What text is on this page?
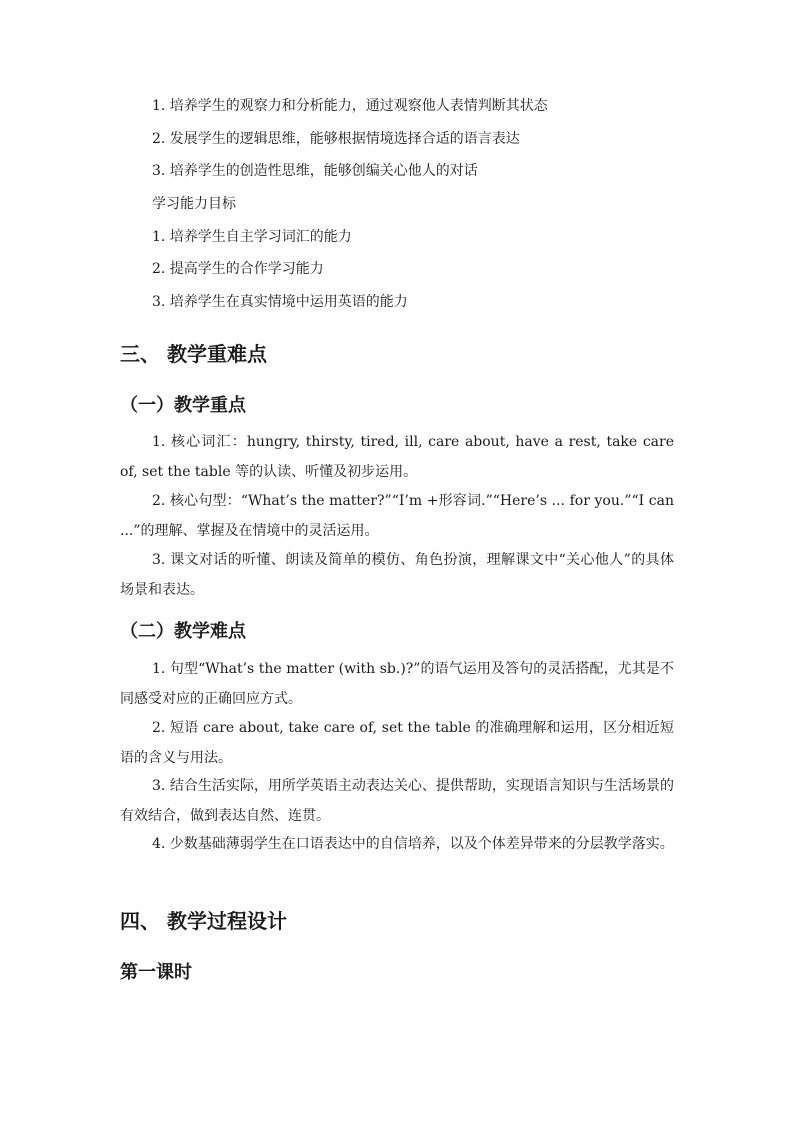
1. 培养学生的观察力和分析能力，通过观察他人表情判断其状态
2. 发展学生的逻辑思维，能够根据情境选择合适的语言表达
3. 培养学生的创造性思维，能够创编关心他人的对话
学习能力目标
1. 培养学生自主学习词汇的能力
2. 提高学生的合作学习能力
3. 培养学生在真实情境中运用英语的能力
三、 教学重难点
（一）教学重点
1. 核心词汇：hungry, thirsty, tired, ill, care about, have a rest, take care of, set the table 等的认读、听懂及初步运用。
2. 核心句型：“What’s the matter?”“I’m +形容词.”“Here’s ... for you.”“I can ...”的理解、掌握及在情境中的灵活运用。
3. 课文对话的听懂、朗读及简单的模仿、角色扮演，理解课文中“关心他人”的具体场景和表达。
（二）教学难点
1. 句型“What’s the matter (with sb.)?”的语气运用及答句的灵活搭配，尤其是不同感受对应的正确回应方式。
2. 短语 care about, take care of, set the table 的准确理解和运用，区分相近短语的含义与用法。
3. 结合生活实际，用所学英语主动表达关心、提供帮助，实现语言知识与生活场景的有效结合，做到表达自然、连贯。
4. 少数基础薄弱学生在口语表达中的自信培养，以及个体差异带来的分层教学落实。
四、 教学过程设计
第一课时
